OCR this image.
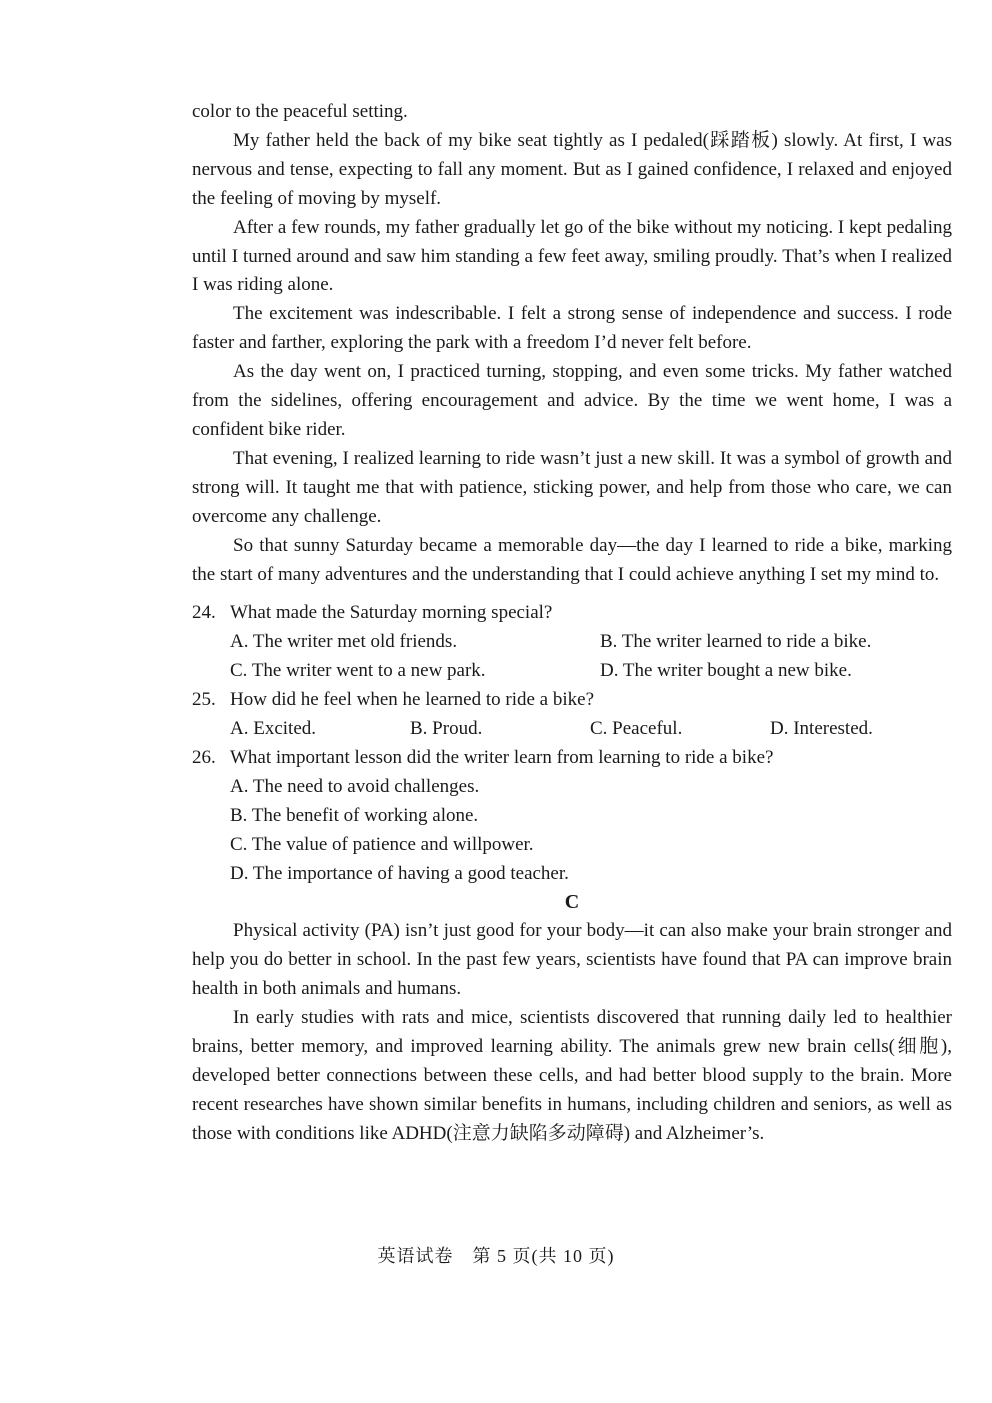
color to the peaceful setting.

My father held the back of my bike seat tightly as I pedaled(踩踏板) slowly. At first, I was nervous and tense, expecting to fall any moment. But as I gained confidence, I relaxed and enjoyed the feeling of moving by myself.

After a few rounds, my father gradually let go of the bike without my noticing. I kept pedaling until I turned around and saw him standing a few feet away, smiling proudly. That’s when I realized I was riding alone.

The excitement was indescribable. I felt a strong sense of independence and success. I rode faster and farther, exploring the park with a freedom I’d never felt before.

As the day went on, I practiced turning, stopping, and even some tricks. My father watched from the sidelines, offering encouragement and advice. By the time we went home, I was a confident bike rider.

That evening, I realized learning to ride wasn’t just a new skill. It was a symbol of growth and strong will. It taught me that with patience, sticking power, and help from those who care, we can overcome any challenge.

So that sunny Saturday became a memorable day—the day I learned to ride a bike, marking the start of many adventures and the understanding that I could achieve anything I set my mind to.

24. What made the Saturday morning special?
A. The writer met old friends.	B. The writer learned to ride a bike.
C. The writer went to a new park.	D. The writer bought a new bike.
25. How did he feel when he learned to ride a bike?
A. Excited.	B. Proud.	C. Peaceful.	D. Interested.
26. What important lesson did the writer learn from learning to ride a bike?
A. The need to avoid challenges.
B. The benefit of working alone.
C. The value of patience and willpower.
D. The importance of having a good teacher.
C

Physical activity (PA) isn’t just good for your body—it can also make your brain stronger and help you do better in school. In the past few years, scientists have found that PA can improve brain health in both animals and humans.

In early studies with rats and mice, scientists discovered that running daily led to healthier brains, better memory, and improved learning ability. The animals grew new brain cells(细胞), developed better connections between these cells, and had better blood supply to the brain. More recent researches have shown similar benefits in humans, including children and seniors, as well as those with conditions like ADHD(注意力缺陷多动障碍) and Alzheimer’s.

英语试卷　第 5 页(共 10 页)
